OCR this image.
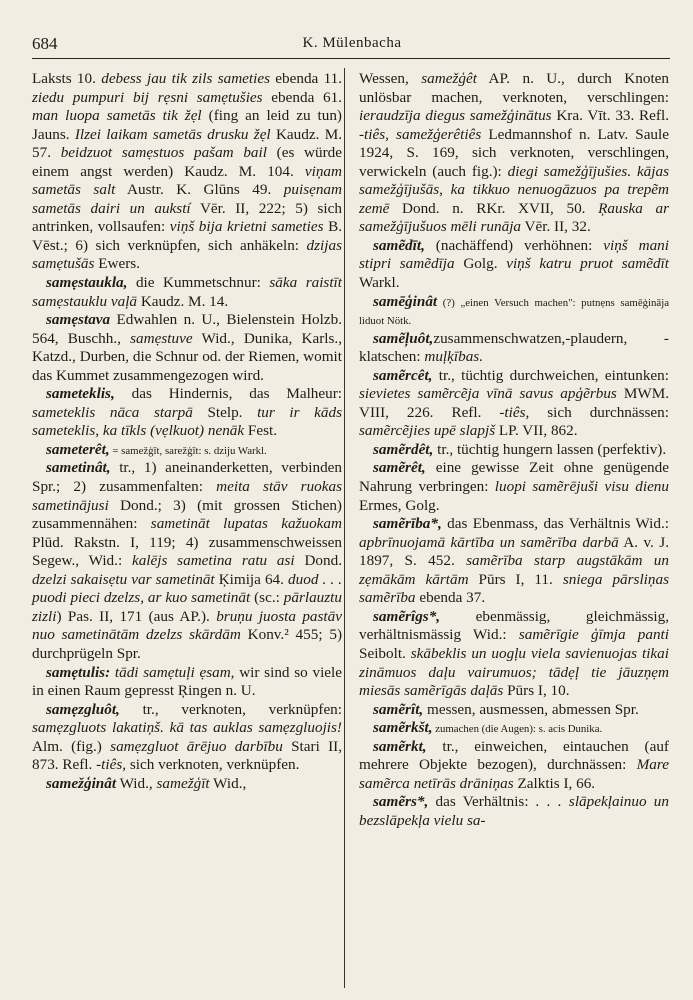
684	K. Mülenbacha

Laksts 10. debess jau tik zils sameties ebenda 11. ziedu pumpuri bij rẹsni samẹtušies ebenda 61. man luopa sametās tik žẹl (fing an leid zu tun) Jauns. Ilzei laikam sametās drusku žẹl Kaudz. M. 57. beidzuot samẹstuos pašam bail (es würde einem angst werden) Kaudz. M. 104. viņam sametās salt Austr. K. Glūns 49. puisẹnam sametās dairi un aukstí Vēr. II, 222; 5) sich antrinken, vollsaufen: viņš bija krietni sameties B. Vēst.; 6) sich verknüpfen, sich anhäkeln: dzijas samẹtušās Ewers.

samẹstaukla, die Kummetschnur: sāka raistīt samẹstauklu vaļā Kaudz. M. 14.

samẹstava Edwahlen n. U., Bielenstein Holzb. 564, Buschh., samẹstuve Wid., Dunika, Karls., Katzd., Durben, die Schnur od. der Riemen, womit das Kummet zusammengezogen wird.

sameteklis, das Hindernis, das Malheur: sameteklis nāca starpā Stelp. tur ir kāds sameteklis, ka tīkls (vẹlkuot) nenāk Fest.

sameterêt, = samežģīt, sarežģīt: s. dziju Warkl.

sametinât, tr., 1) aneinanderketten, verbinden Spr.; 2) zusammenfalten: meita stāv ruokas sametinājusi Dond.; 3) (mit grossen Stichen) zusammennähen: sametināt lupatas kažuokam Plūd. Rakstn. I, 119; 4) zusammenschweissen Segew., Wid.: kalējs sametina ratu asi Dond. dzelzi sakaisẹtu var sametināt Ķimija 64. duod . . . puodi pieci dzelzs, ar kuo sametināt (sc.: pārlauztu zizli) Pas. II, 171 (aus AP.). bruņu juosta pastāv nuo sametinātām dzelzs skārdām Konv.² 455; 5) durchprügeln Spr.

samẹtulis: tādi samẹtuļi ẹsam, wir sind so viele in einen Raum gepresst Ŗingen n. U.

samẹzgluôt, tr., verknoten, verknüpfen: samẹzgluots lakatiņš. kā tas auklas samẹzgluojis! Alm. (fig.) samẹzgluot ārējuo darbību Stari II, 873. Refl. -tiês, sich verknoten, verknüpfen.

samežģinât Wid., samežģīt Wid.,

Wessen, samežģêt AP. n. U., durch Knoten unlösbar machen, verknoten, verschlingen: ieraudzīja diegus samežģinātus Kra. Vīt. 33. Refl. -tiês, samežģerêtiês Ledmannshof n. Latv. Saule 1924, S. 169, sich verknoten, verschlingen, verwickeln (auch fig.): diegi samežģījušies. kājas samežģījušās, ka tikkuo nenuogāzuos pa trepẽm zemē Dond. n. RKr. XVII, 50. Ŗauska ar samežģījušuos mēli runāja Vēr. II, 32.

samẽdīt, (nachäffend) verhöhnen: viņš mani stipri samẽdīja Golg. viņš katru pruot samẽdīt Warkl.

samēģinât (?) „einen Versuch machen": putnẹns samēģināja lìduot Nötk.

samẽļuôt,zusammenschwatzen,-plaudern, -klatschen: muļķības.

samẽrcêt, tr., tüchtig durchweichen, eintunken: sievietes samẽrcẽja vīnā savus apģẽrbus MWM. VIII, 226. Refl. -tiês, sich durchnässen: samẽrcẽjies upē slapjš LP. VII, 862.

samẽrdêt, tr., tüchtig hungern lassen (perfektiv).

samẽrêt, eine gewisse Zeit ohne genügende Nahrung verbringen: luopi samẽrējuši visu dienu Ermes, Golg.

samẽrība*, das Ebenmass, das Verhältnis Wid.: apbrīnuojamā kārtība un samẽrība darbā A. v. J. 1897, S. 452. samẽrība starp augstākām un zẹmākām kārtām Pūrs I, 11. sniega pārsliņas samẽrība ebenda 37.

samẽrîgs*, ebenmässig, gleichmässig, verhältnismässig Wid.: samẽrīgie ģīmja panti Seibolt. skābeklis un uogļu viela savienuojas tikai zināmuos daļu vairumuos; tādẹļ tie jāuzņẹm miesās samẽrīgās daļās Pūrs I, 10.

samẽrît, messen, ausmessen, abmessen Spr.

samẽrkšt, zumachen (die Augen): s. acis Dunika.

samẽrkt, tr., einweichen, eintauchen (auf mehrere Objekte bezogen), durchnässen: Mare samẽrca netīrās drāniņas Zalktis I, 66.

samẽrs*, das Verhältnis: . . . slāpekļainuo un bezslāpekļa vielu sa-
